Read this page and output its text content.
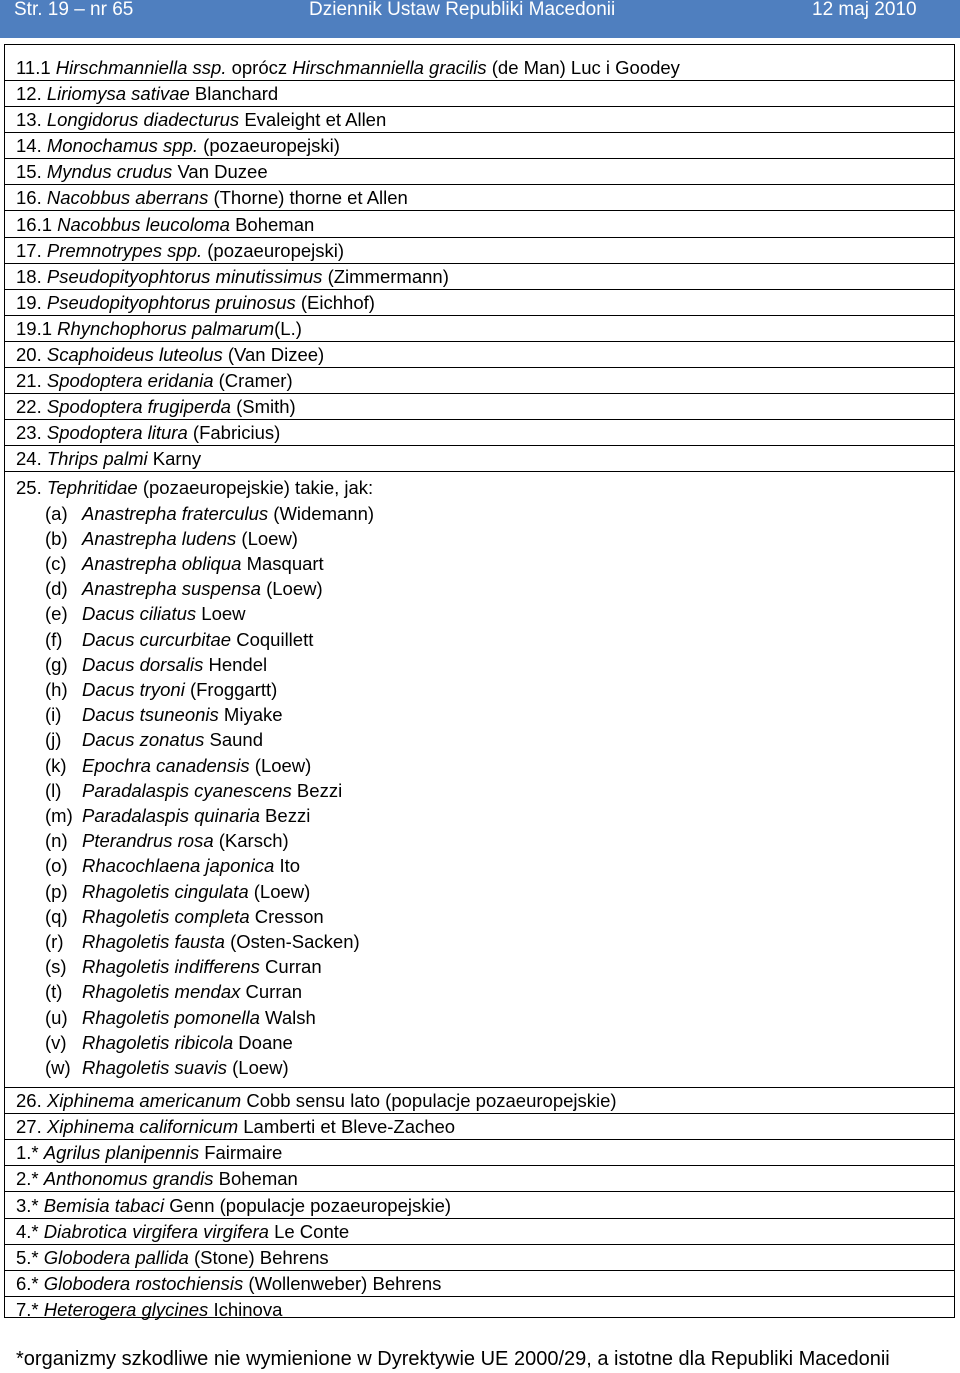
Str. 19 – nr 65	Dziennik Ustaw Republiki Macedonii	12 maj 2010
11.1 Hirschmanniella ssp. oprócz Hirschmanniella gracilis (de Man) Luc i Goodey
12. Liriomysa sativae Blanchard
13. Longidorus diadecturus Evaleight et Allen
14. Monochamus spp. (pozaeuropejski)
15. Myndus crudus Van Duzee
16. Nacobbus aberrans (Thorne) thorne et Allen
16.1 Nacobbus leucoloma Boheman
17. Premnotrypes spp. (pozaeuropejski)
18. Pseudopityophtorus minutissimus (Zimmermann)
19. Pseudopityophtorus pruinosus (Eichhof)
19.1 Rhynchophorus palmarum(L.)
20. Scaphoideus luteolus (Van Dizee)
21. Spodoptera eridania (Cramer)
22. Spodoptera frugiperda (Smith)
23. Spodoptera litura (Fabricius)
24. Thrips palmi Karny
25. Tephritidae (pozaeuropejskie) takie, jak:
(a) Anastrepha fraterculus (Widemann)
(b) Anastrepha ludens (Loew)
(c) Anastrepha obliqua Masquart
(d) Anastrepha suspensa (Loew)
(e) Dacus ciliatus Loew
(f) Dacus curcurbitae Coquillett
(g) Dacus dorsalis Hendel
(h) Dacus tryoni (Froggartt)
(i) Dacus tsuneonis Miyake
(j) Dacus zonatus Saund
(k) Epochra canadensis (Loew)
(l) Paradalaspis cyanescens Bezzi
(m) Paradalaspis quinaria Bezzi
(n) Pterandrus rosa (Karsch)
(o) Rhacochlaena japonica Ito
(p) Rhagoletis cingulata (Loew)
(q) Rhagoletis completa Cresson
(r) Rhagoletis fausta (Osten-Sacken)
(s) Rhagoletis indifferens Curran
(t) Rhagoletis mendax Curran
(u) Rhagoletis pomonella Walsh
(v) Rhagoletis ribicola Doane
(w) Rhagoletis suavis (Loew)
26. Xiphinema americanum Cobb sensu lato (populacje pozaeuropejskie)
27. Xiphinema californicum Lamberti et Bleve-Zacheo
1.* Agrilus planipennis Fairmaire
2.* Anthonomus grandis Boheman
3.* Bemisia tabaci Genn (populacje pozaeuropejskie)
4.* Diabrotica virgifera virgifera Le Conte
5.* Globodera pallida (Stone) Behrens
6.* Globodera rostochiensis (Wollenweber) Behrens
7.* Heterogera glycines Ichinova
*organizmy szkodliwe nie wymienione w Dyrektywie UE 2000/29, a istotne dla Republiki Macedonii
